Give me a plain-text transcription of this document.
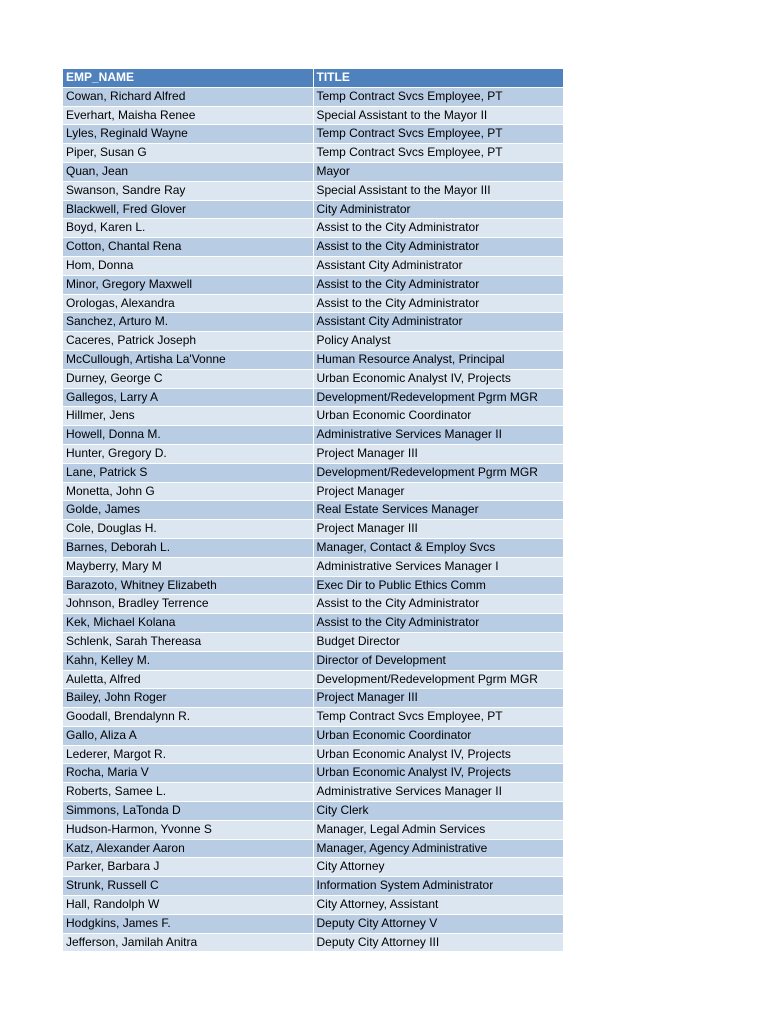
EMP_NAME	TITLE
Cowan, Richard Alfred	Temp Contract Svcs Employee, PT
Everhart, Maisha Renee	Special Assistant to the Mayor II
Lyles, Reginald Wayne	Temp Contract Svcs Employee, PT
Piper, Susan G	Temp Contract Svcs Employee, PT
Quan, Jean	Mayor
Swanson, Sandre Ray	Special Assistant to the Mayor III
Blackwell, Fred Glover	City Administrator
Boyd, Karen L.	Assist to the City Administrator
Cotton, Chantal Rena	Assist to the City Administrator
Hom, Donna	Assistant City Administrator
Minor, Gregory Maxwell	Assist to the City Administrator
Orologas, Alexandra	Assist to the City Administrator
Sanchez, Arturo M.	Assistant City Administrator
Caceres, Patrick Joseph	Policy Analyst
McCullough, Artisha La'Vonne	Human Resource Analyst, Principal
Durney, George C	Urban Economic Analyst IV, Projects
Gallegos, Larry A	Development/Redevelopment Pgrm MGR
Hillmer, Jens	Urban Economic Coordinator
Howell, Donna M.	Administrative Services Manager II
Hunter, Gregory D.	Project Manager III
Lane, Patrick S	Development/Redevelopment Pgrm MGR
Monetta, John G	Project Manager
Golde, James	Real Estate Services Manager
Cole, Douglas H.	Project Manager III
Barnes, Deborah L.	Manager, Contact & Employ Svcs
Mayberry, Mary M	Administrative Services Manager I
Barazoto, Whitney Elizabeth	Exec Dir to Public Ethics Comm
Johnson, Bradley Terrence	Assist to the City Administrator
Kek, Michael Kolana	Assist to the City Administrator
Schlenk, Sarah Thereasa	Budget Director
Kahn, Kelley M.	Director of Development
Auletta, Alfred	Development/Redevelopment Pgrm MGR
Bailey, John Roger	Project Manager III
Goodall, Brendalynn R.	Temp Contract Svcs Employee, PT
Gallo, Aliza A	Urban Economic Coordinator
Lederer, Margot R.	Urban Economic Analyst IV, Projects
Rocha, Maria V	Urban Economic Analyst IV, Projects
Roberts, Samee L.	Administrative Services Manager II
Simmons, LaTonda D	City Clerk
Hudson-Harmon, Yvonne S	Manager, Legal Admin Services
Katz, Alexander Aaron	Manager, Agency Administrative
Parker, Barbara J	City Attorney
Strunk, Russell C	Information System Administrator
Hall, Randolph W	City Attorney, Assistant
Hodgkins, James F.	Deputy City Attorney V
Jefferson, Jamilah Anitra	Deputy City Attorney III
